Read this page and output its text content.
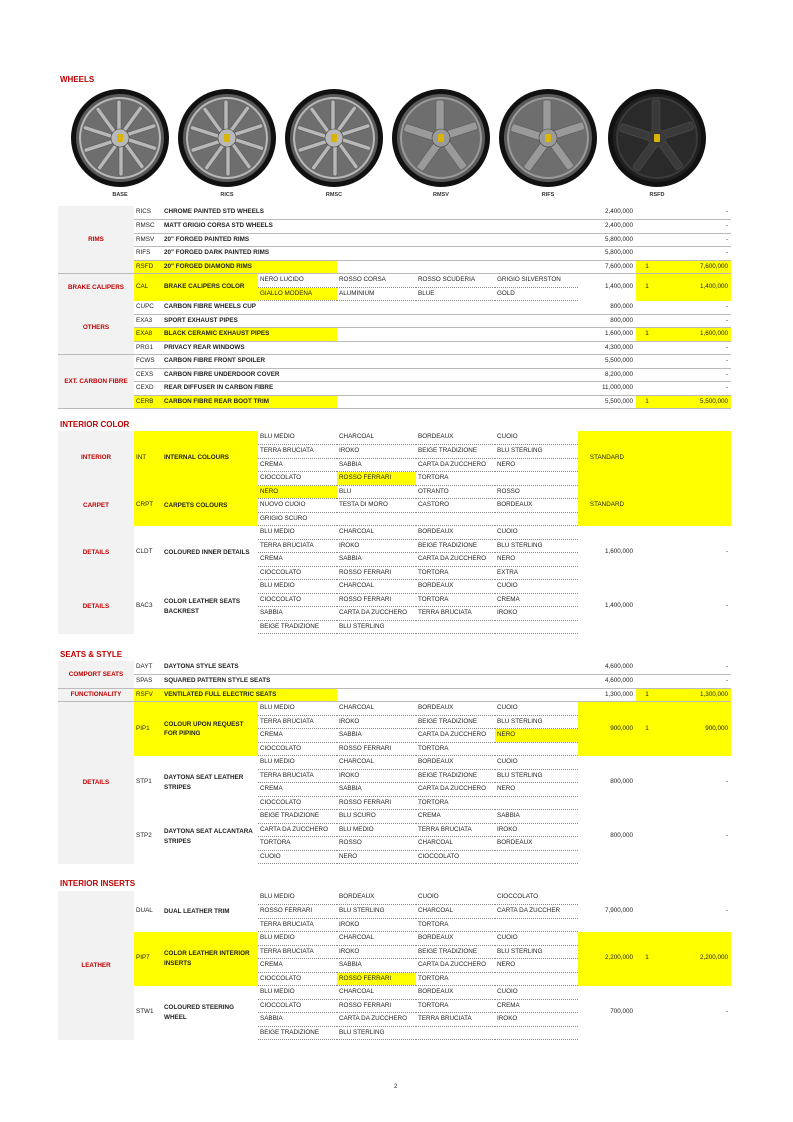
WHEELS
BASE	RICS	RMSC	RMSV	RIFS	RSFD
RIMS	RICS	CHROME PAINTED STD WHEELS					2,400,000		-
	RMSC	MATT GRIGIO CORSA STD WHEELS					2,400,000		-
	RMSV	20" FORGED PAINTED RIMS					5,800,000		-
	RIFS	20" FORGED DARK PAINTED RIMS					5,800,000		-
	RSFD	20" FORGED DIAMOND RIMS					7,600,000	1	7,600,000
BRAKE CALIPERS	CAL	BRAKE CALIPERS COLOR	NERO LUCIDO	ROSSO CORSA	ROSSO SCUDERIA	GRIGIO SILVERSTON	1,400,000	1	1,400,000
			GIALLO MODENA	ALUMINIUM	BLUE	GOLD			
OTHERS	CUPC	CARBON FIBRE WHEELS CUP					800,000		-
	EXA3	SPORT EXHAUST PIPES					800,000		-
	EXA8	BLACK CERAMIC EXHAUST PIPES					1,600,000	1	1,600,000
	PRG1	PRIVACY REAR WINDOWS					4,300,000		-
EXT. CARBON FIBRE	FCWS	CARBON FIBRE FRONT SPOILER					5,500,000		-
	CEXS	CARBON FIBRE UNDERDOOR COVER					8,200,000		-
	CEXD	REAR DIFFUSER IN CARBON FIBRE					11,000,000		-
	CERB	CARBON FIBRE REAR BOOT TRIM					5,500,000	1	5,500,000
INTERIOR COLOR
INTERIOR	INT	INTERNAL COLOURS	BLU MEDIO	CHARCOAL	BORDEAUX	CUOIO	STANDARD		
			TERRA BRUCIATA	IROKO	BEIGE TRADIZIONE	BLU STERLING			
			CREMA	SABBIA	CARTA DA ZUCCHERO	NERO			
			CIOCCOLATO	ROSSO FERRARI	TORTORA				
CARPET	CRPT	CARPETS COLOURS	NERO	BLU	OTRANTO	ROSSO	STANDARD		
			NUOVO CUOIO	TESTA DI MORO	CASTORO	BORDEAUX			
			GRIGIO SCURO						
DETAILS	CLDT	COLOURED INNER DETAILS	BLU MEDIO	CHARCOAL	BORDEAUX	CUOIO	1,600,000		-
			TERRA BRUCIATA	IROKO	BEIGE TRADIZIONE	BLU STERLING			
			CREMA	SABBIA	CARTA DA ZUCCHERO	NERO			
			CIOCCOLATO	ROSSO FERRARI	TORTORA	EXTRA			
DETAILS	BAC3	COLOR LEATHER SEATS BACKREST	BLU MEDIO	CHARCOAL	BORDEAUX	CUOIO	1,400,000		-
			CIOCCOLATO	ROSSO FERRARI	TORTORA	CREMA			
			SABBIA	CARTA DA ZUCCHERO	TERRA BRUCIATA	IROKO			
			BEIGE TRADIZIONE	BLU STERLING					
SEATS & STYLE
COMPORT SEATS	DAYT	DAYTONA STYLE SEATS					4,600,000		-
	SPAS	SQUARED PATTERN STYLE SEATS					4,600,000		-
FUNCTIONALITY	RSFV	VENTILATED FULL ELECTRIC SEATS					1,300,000	1	1,300,000
DETAILS	PIP1	COLOUR UPON REQUEST FOR PIPING	BLU MEDIO	CHARCOAL	BORDEAUX	CUOIO	900,000	1	900,000
			TERRA BRUCIATA	IROKO	BEIGE TRADIZIONE	BLU STERLING			
			CREMA	SABBIA	CARTA DA ZUCCHERO	NERO			
			CIOCCOLATO	ROSSO FERRARI	TORTORA				
	STP1	DAYTONA SEAT LEATHER STRIPES	BLU MEDIO	CHARCOAL	BORDEAUX	CUOIO	800,000		-
			TERRA BRUCIATA	IROKO	BEIGE TRADIZIONE	BLU STERLING			
			CREMA	SABBIA	CARTA DA ZUCCHERO	NERO			
			CIOCCOLATO	ROSSO FERRARI	TORTORA				
	STP2	DAYTONA SEAT ALCANTARA STRIPES	BEIGE TRADIZIONE	BLU SCURO	CREMA	SABBIA	800,000		-
			CARTA DA ZUCCHERO	BLU MEDIO	TERRA BRUCIATA	IROKO			
			TORTORA	ROSSO	CHARCOAL	BORDEAUX			
			CUOIO	NERO	CIOCCOLATO				
INTERIOR INSERTS
LEATHER	DUAL	DUAL LEATHER TRIM	BLU MEDIO	BORDEAUX	CUOIO	CIOCCOLATO	7,900,000		-
			ROSSO FERRARI	BLU STERLING	CHARCOAL	CARTA DA ZUCCHER			
			TERRA BRUCIATA	IROKO	TORTORA				
	PIP7	COLOR LEATHER INTERIOR INSERTS	BLU MEDIO	CHARCOAL	BORDEAUX	CUOIO	2,200,000	1	2,200,000
			TERRA BRUCIATA	IROKO	BEIGE TRADIZIONE	BLU STERLING			
			CREMA	SABBIA	CARTA DA ZUCCHERO	NERO			
			CIOCCOLATO	ROSSO FERRARI	TORTORA				
	STW1	COLOURED STEERING WHEEL	BLU MEDIO	CHARCOAL	BORDEAUX	CUOIO	700,000		-
			CIOCCOLATO	ROSSO FERRARI	TORTORA	CREMA			
			SABBIA	CARTA DA ZUCCHERO	TERRA BRUCIATA	IROKO			
			BEIGE TRADIZIONE	BLU STERLING					
2
